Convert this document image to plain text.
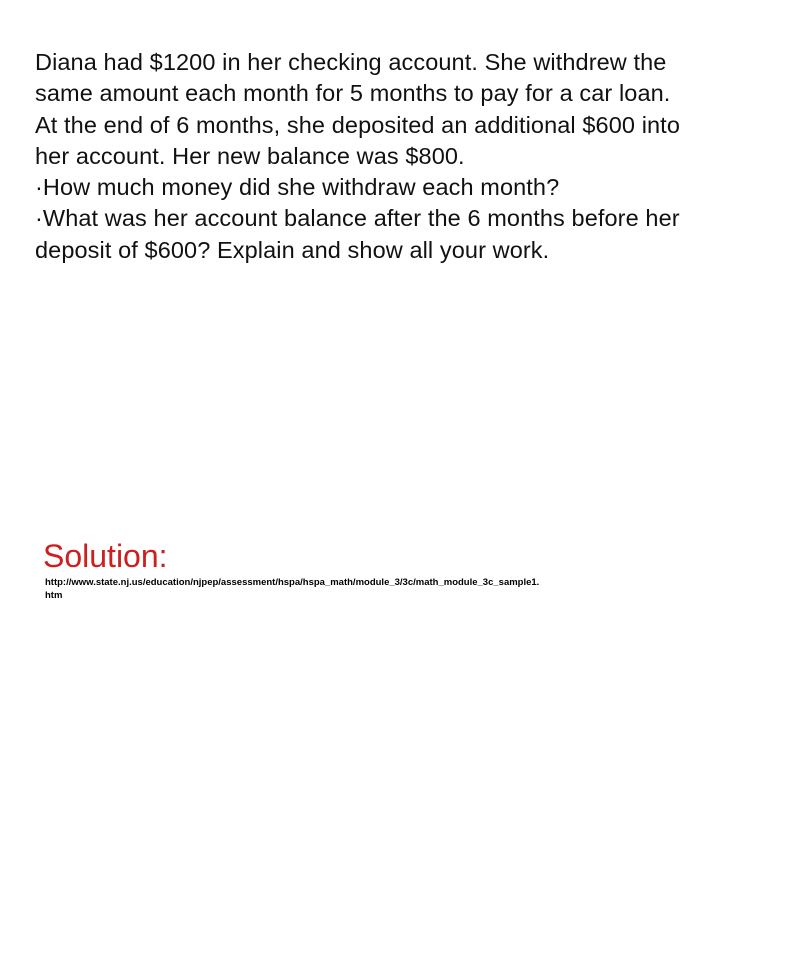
Diana had $1200 in her checking account. She withdrew the

same amount each month for 5 months to pay for a car loan.

At the end of 6 months, she deposited an additional $600 into

her account. Her new balance was $800.

·How much money did she withdraw each month?

·What was her account balance after the 6 months before her

deposit of $600? Explain and show all your work.

Solution:
http://www.state.nj.us/education/njpep/assessment/hspa/hspa_math/module_3/3c/math_module_3c_sample1.
htm
